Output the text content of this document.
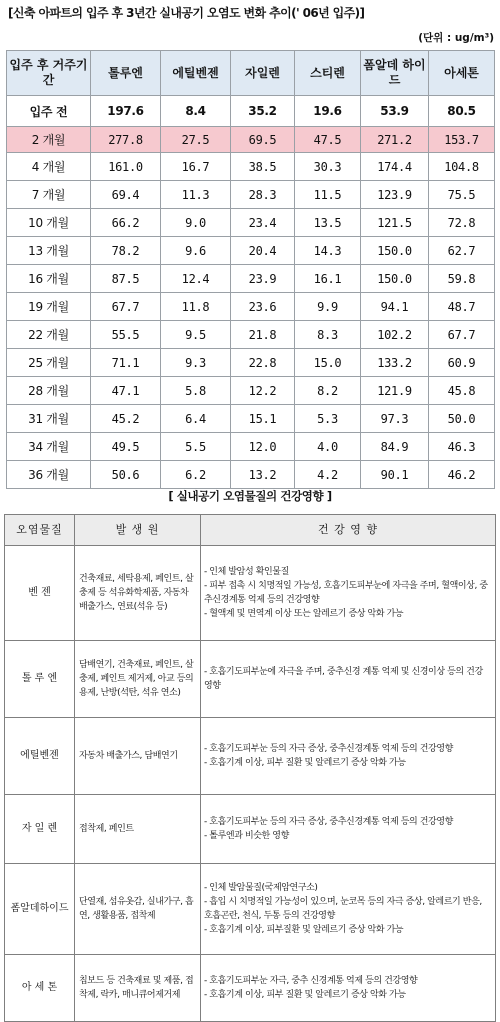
[신축 아파트의 입주 후 3년간 실내공기 오염도 변화 추이(' 06년 입주)]
(단위 : ug/m³)
입주 후 거주기간	톨루엔	에틸벤젠	자일렌	스티렌	폼알데 하이드	아세톤
입주 전	197.6	8.4	35.2	19.6	53.9	80.5
2 개월	277.8	27.5	69.5	47.5	271.2	153.7
4 개월	161.0	16.7	38.5	30.3	174.4	104.8
7 개월	69.4	11.3	28.3	11.5	123.9	75.5
10 개월	66.2	9.0	23.4	13.5	121.5	72.8
13 개월	78.2	9.6	20.4	14.3	150.0	62.7
16 개월	87.5	12.4	23.9	16.1	150.0	59.8
19 개월	67.7	11.8	23.6	9.9	94.1	48.7
22 개월	55.5	9.5	21.8	8.3	102.2	67.7
25 개월	71.1	9.3	22.8	15.0	133.2	60.9
28 개월	47.1	5.8	12.2	8.2	121.9	45.8
31 개월	45.2	6.4	15.1	5.3	97.3	50.0
34 개월	49.5	5.5	12.0	4.0	84.9	46.3
36 개월	50.6	6.2	13.2	4.2	90.1	46.2
[ 실내공기 오염물질의 건강영향 ]
오염물질	발 생 원	건 강 영 향
벤 젠	건축재료, 세탁용제, 페인트, 살충제 등 석유화학제품, 자동차 배출가스, 연료(석유 등)	- 인체 발암성 확인물질
- 피부 접촉 시 치명적일 가능성, 호흡기도피부눈에 자극을 주며, 혈액이상, 중추신경계통 억제 등의 건강영향
- 혈액계 및 면역계 이상 또는 알레르기 증상 악화 가능

톨 루 엔	담배연기, 건축재료, 페인트, 살충제, 페인트 제거제, 아교 등의 용제, 난방(석탄, 석유 연소)	- 호흡기도피부눈에 자극을 주며, 중추신경 계통 억제 및 신경이상 등의 건강영향

에틸벤젠	자동차 배출가스, 담배연기	- 호흡기도피부눈 등의 자극 증상, 중추신경계통 억제 등의 건강영향
- 호흡기계 이상, 피부 질환 및 알레르기 증상 악화 가능

자 일 렌	접착제, 페인트	- 호흡기도피부눈 등의 자극 증상, 중추신경계통 억제 등의 건강영향
- 톨루엔과 비슷한 영향

폼알데하이드	단열재, 섬유옷감, 실내가구, 흡연, 생활용품, 접착제	- 인체 발암물질(국제암연구소)
- 흡입 시 치명적일 가능성이 있으며, 눈코목 등의 자극 증상, 알레르기 반응, 호흡곤란, 천식, 두통 등의 건강영향
- 호흡기계 이상, 피부질환 및 알레르기 증상 악화 가능

아 세 톤	칩보드 등 건축재료 및 제품, 접착제, 락카, 매니큐어제거제	- 호흡기도피부눈 자극, 중추 신경계통 억제 등의 건강영향
- 호흡기계 이상, 피부 질환 및 알레르기 증상 악화 가능
